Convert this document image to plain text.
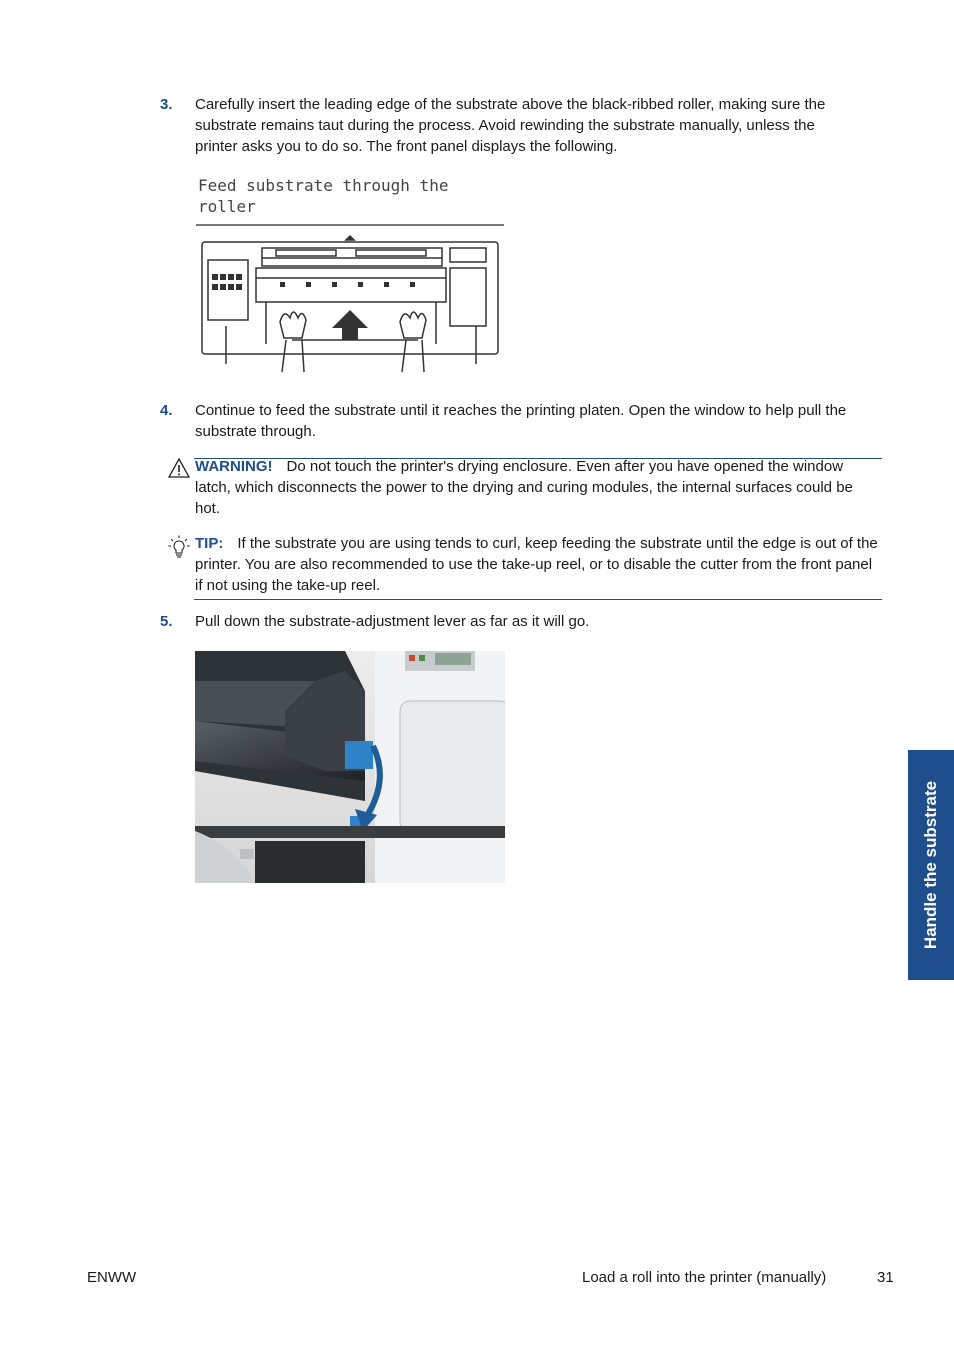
3. Carefully insert the leading edge of the substrate above the black-ribbed roller, making sure the substrate remains taut during the process. Avoid rewinding the substrate manually, unless the printer asks you to do so. The front panel displays the following.
Feed substrate through the
roller
4. Continue to feed the substrate until it reaches the printing platen. Open the window to help pull the substrate through.
WARNING! Do not touch the printer's drying enclosure. Even after you have opened the window latch, which disconnects the power to the drying and curing modules, the internal surfaces could be hot.
TIP: If the substrate you are using tends to curl, keep feeding the substrate until the edge is out of the printer. You are also recommended to use the take-up reel, or to disable the cutter from the front panel if not using the take-up reel.
5. Pull down the substrate-adjustment lever as far as it will go.
Handle the substrate
ENWW	Load a roll into the printer (manually)	31
